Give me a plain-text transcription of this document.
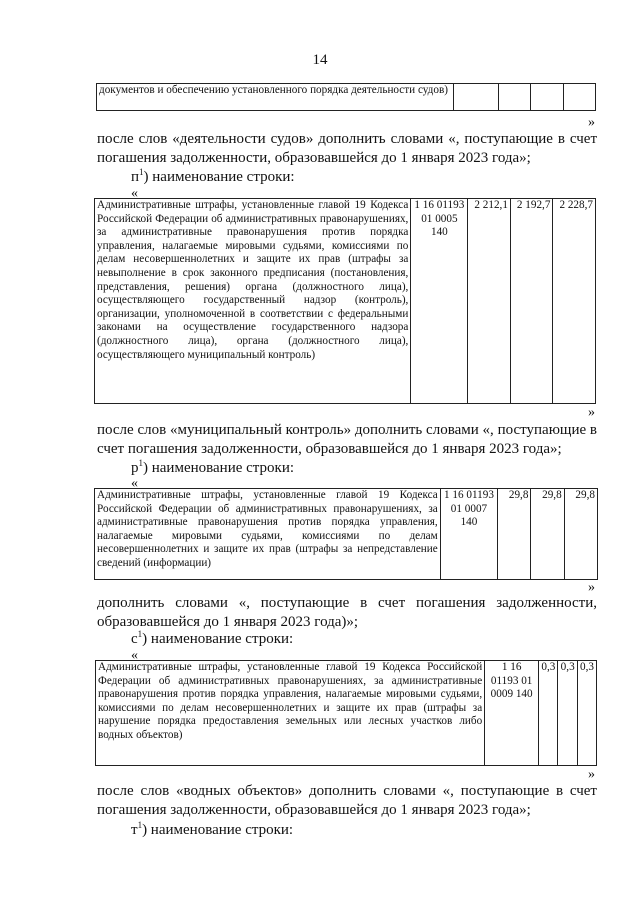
14
документов и обеспечению установленного порядка деятельности судов)				
»
после слов «деятельности судов» дополнить словами «, поступающие в счет погашения задолженности, образовавшейся до 1 января 2023 года»;
$п^1$) наименование строки:
«
Административные штрафы, установленные главой 19 Кодекса Российской Федерации об административных правонарушениях, за административные правонарушения против порядка управления, налагаемые мировыми судьями, комиссиями по делам несовершеннолетних и защите их прав (штрафы за невыполнение в срок законного предписания (постановления, представления, решения) органа (должностного лица), осуществляющего государственный надзор (контроль), организации, уполномоченной в соответствии с федеральными законами на осуществление государственного надзора (должностного лица), органа (должностного лица), осуществляющего муниципальный контроль)	1 16 01193 01 0005 140	2 212,1	2 192,7	2 228,7
»
после слов «муниципальный контроль» дополнить словами «, поступающие в счет погашения задолженности, образовавшейся до 1 января 2023 года»;
$р^1$) наименование строки:
«
Административные штрафы, установленные главой 19 Кодекса Российской Федерации об административных правонарушениях, за административные правонарушения против порядка управления, налагаемые мировыми судьями, комиссиями по делам несовершеннолетних и защите их прав (штрафы за непредставление сведений (информации)	1 16 01193 01 0007 140	29,8	29,8	29,8
»
дополнить словами «, поступающие в счет погашения задолженности, образовавшейся до 1 января 2023 года)»;
$с^1$) наименование строки:
«
Административные штрафы, установленные главой 19 Кодекса Российской Федерации об административных правонарушениях, за административные правонарушения против порядка управления, налагаемые мировыми судьями, комиссиями по делам несовершеннолетних и защите их прав (штрафы за нарушение порядка предоставления земельных или лесных участков либо водных объектов)	1 16 01193 01 0009 140	0,3	0,3	0,3
»
после слов «водных объектов» дополнить словами «, поступающие в счет погашения задолженности, образовавшейся до 1 января 2023 года»;
$т^1$) наименование строки:
